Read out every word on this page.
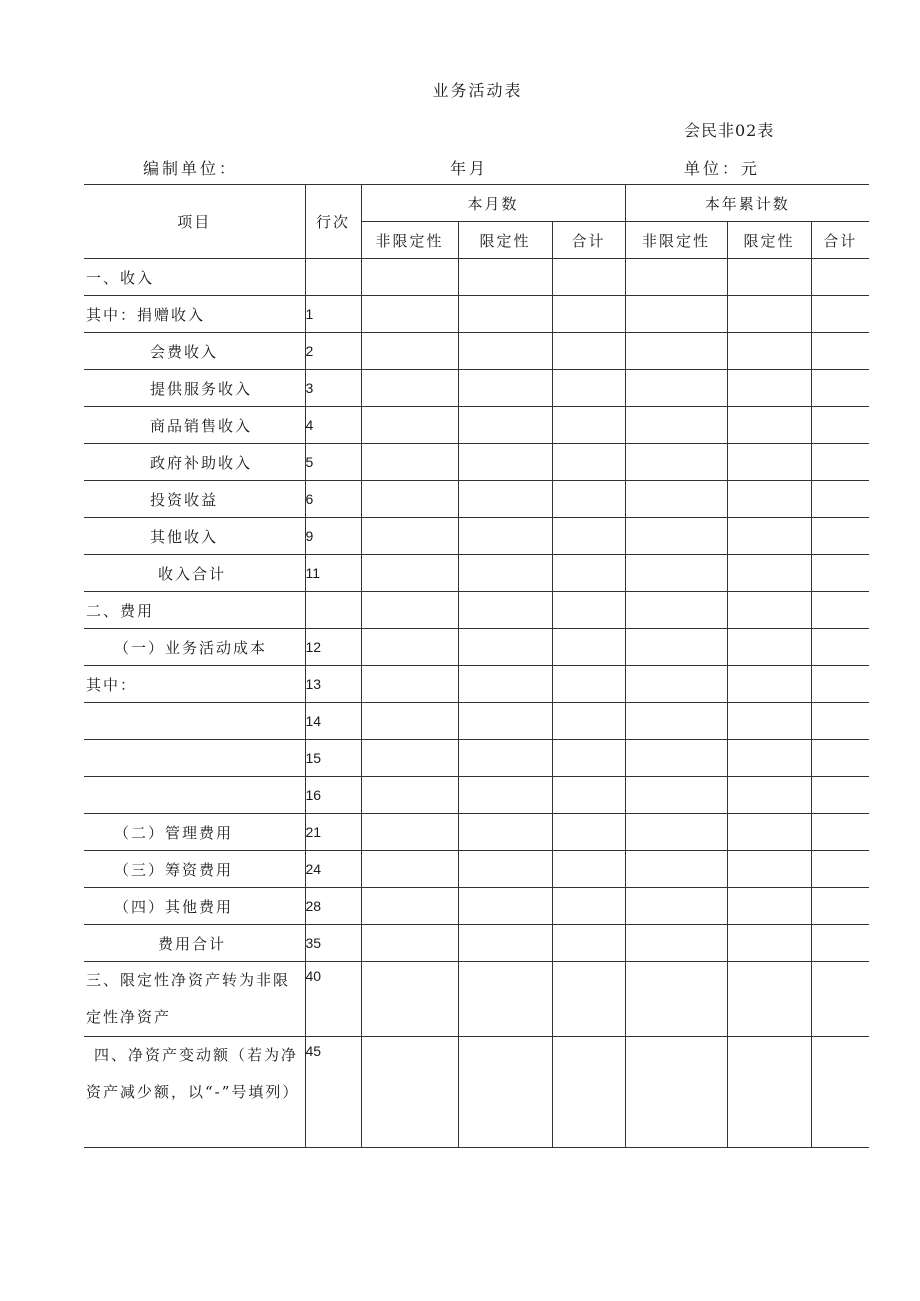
业务活动表
会民非02表
编制单位：	年月	单位：元
项目	行次	本月数			本年累计数		
		非限定性	限定性	合计	非限定性	限定性	合计
一、收入							
其中：捐赠收入	1						
会费收入	2						
提供服务收入	3						
商品销售收入	4						
政府补助收入	5						
投资收益	6						
其他收入	9						
收入合计	11						
二、费用							
（一）业务活动成本	12						
其中：	13						
	14						
	15						
	16						
（二）管理费用	21						
（三）筹资费用	24						
（四）其他费用	28						
费用合计	35						
三、限定性净资产转为非限定性净资产	40						
四、净资产变动额（若为净资产减少额，以“-”号填列）	45						
